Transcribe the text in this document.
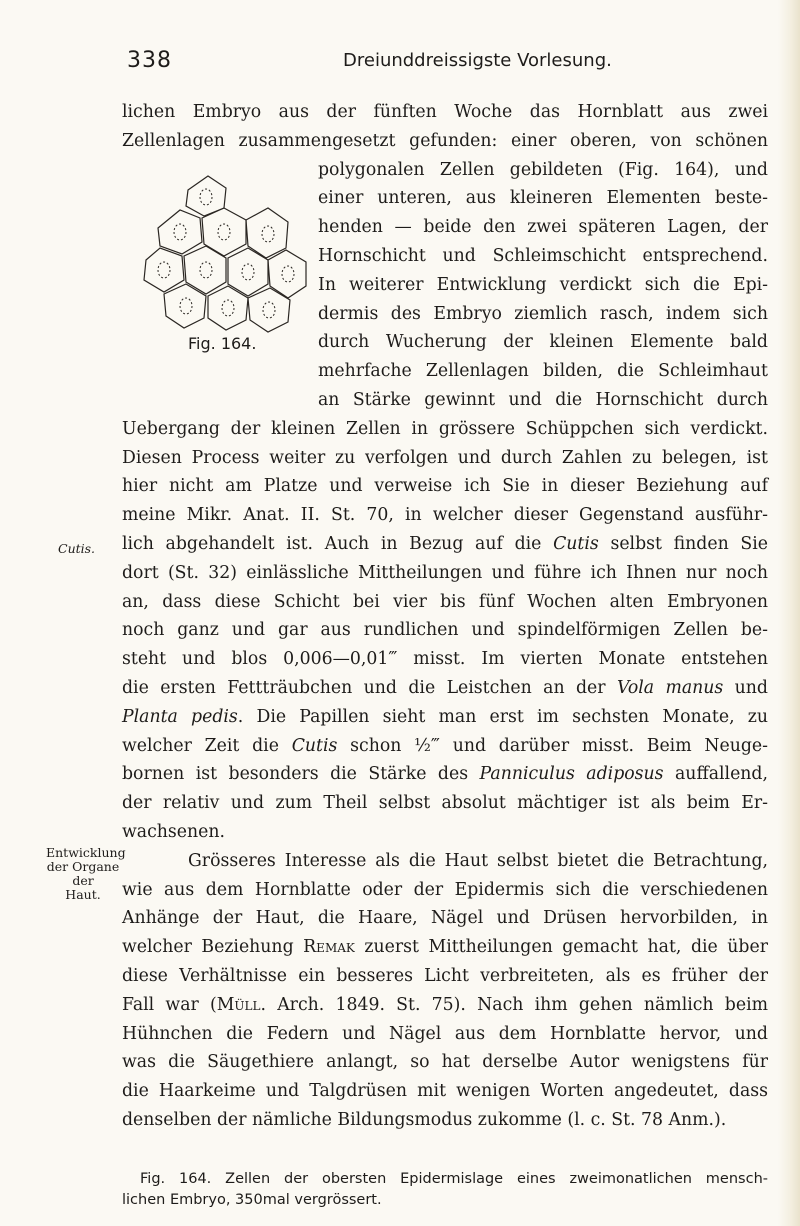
338	Dreiunddreissigste Vorlesung.
Fig. 164.
Cutis.
Entwicklung
der Organe der
Haut.
lichen Embryo aus der fünften Woche das Hornblatt aus zwei
Zellenlagen zusammengesetzt gefunden: einer oberen, von schönen
polygonalen Zellen gebildeten (Fig. 164), und
einer unteren, aus kleineren Elementen beste-
henden — beide den zwei späteren Lagen, der
Hornschicht und Schleimschicht entsprechend.
In weiterer Entwicklung verdickt sich die Epi-
dermis des Embryo ziemlich rasch, indem sich
durch Wucherung der kleinen Elemente bald
mehrfache Zellenlagen bilden, die Schleimhaut
an Stärke gewinnt und die Hornschicht durch
Uebergang der kleinen Zellen in grössere Schüppchen sich verdickt.
Diesen Process weiter zu verfolgen und durch Zahlen zu belegen, ist
hier nicht am Platze und verweise ich Sie in dieser Beziehung auf
meine Mikr. Anat. II. St. 70, in welcher dieser Gegenstand ausführ-
lich abgehandelt ist. Auch in Bezug auf die Cutis selbst finden Sie
dort (St. 32) einlässliche Mittheilungen und führe ich Ihnen nur noch
an, dass diese Schicht bei vier bis fünf Wochen alten Embryonen
noch ganz und gar aus rundlichen und spindelförmigen Zellen be-
steht und blos 0,006—0,01‴ misst. Im vierten Monate entstehen
die ersten Fettträubchen und die Leistchen an der Vola manus und
Planta pedis. Die Papillen sieht man erst im sechsten Monate, zu
welcher Zeit die Cutis schon ½‴ und darüber misst. Beim Neuge-
bornen ist besonders die Stärke des Panniculus adiposus auffallend,
der relativ und zum Theil selbst absolut mächtiger ist als beim Er-
wachsenen.
Grösseres Interesse als die Haut selbst bietet die Betrachtung,
wie aus dem Hornblatte oder der Epidermis sich die verschiedenen
Anhänge der Haut, die Haare, Nägel und Drüsen hervorbilden, in
welcher Beziehung Remak zuerst Mittheilungen gemacht hat, die über
diese Verhältnisse ein besseres Licht verbreiteten, als es früher der
Fall war (Müll. Arch. 1849. St. 75). Nach ihm gehen nämlich beim
Hühnchen die Federn und Nägel aus dem Hornblatte hervor, und
was die Säugethiere anlangt, so hat derselbe Autor wenigstens für
die Haarkeime und Talgdrüsen mit wenigen Worten angedeutet, dass
denselben der nämliche Bildungsmodus zukomme (l. c. St. 78 Anm.).
Fig. 164. Zellen der obersten Epidermislage eines zweimonatlichen mensch-
lichen Embryo, 350mal vergrössert.
